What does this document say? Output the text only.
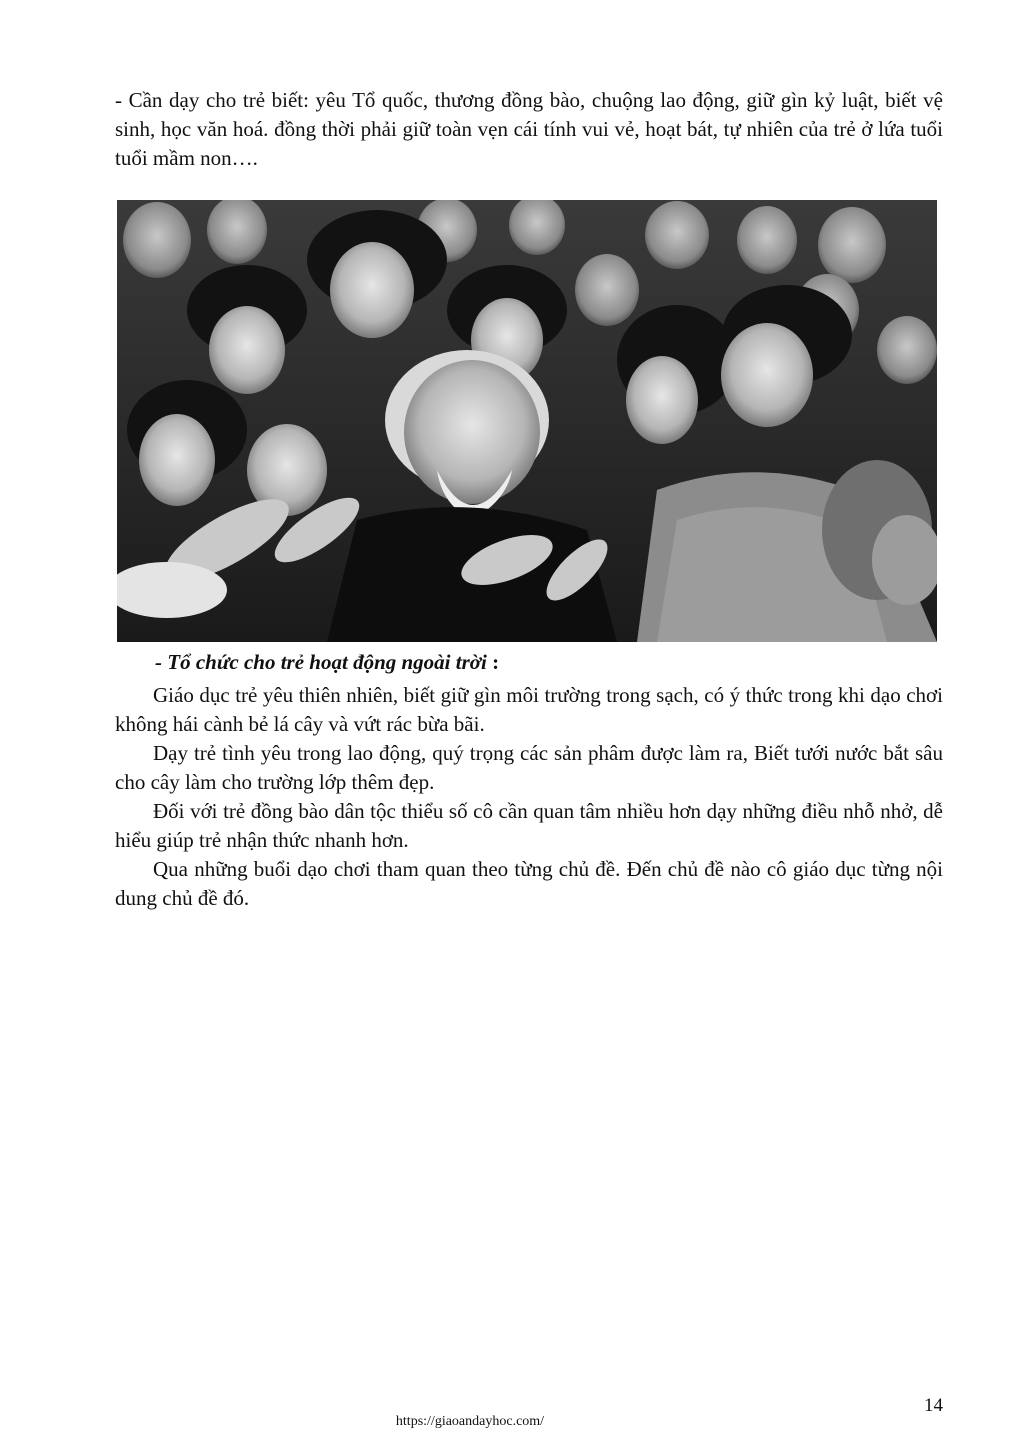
- Cần dạy cho trẻ biết: yêu Tổ quốc, thương đồng bào, chuộng lao động, giữ gìn kỷ luật, biết vệ sinh, học văn hoá. đồng thời phải giữ toàn vẹn cái tính vui vẻ, hoạt bát, tự nhiên của trẻ ở lứa tuổi tuổi mầm non….

- Tổ chức cho trẻ hoạt động ngoài trời :

Giáo dục trẻ yêu thiên nhiên, biết giữ gìn môi trường trong sạch, có ý thức trong khi dạo chơi không hái cành bẻ lá cây và vứt rác bừa bãi.

Dạy trẻ tình yêu trong lao động, quý trọng các sản phâm được làm ra, Biết tưới nước bắt sâu cho cây làm cho trường lớp thêm đẹp.

Đối với trẻ đồng bào dân tộc thiểu số cô cần quan tâm nhiều hơn dạy những điều nhỗ nhở, dễ hiểu giúp trẻ nhận thức nhanh hơn.

Qua những buổi dạo chơi tham quan theo từng chủ đề. Đến chủ đề nào cô giáo dục từng nội dung chủ đề đó.

14

https://giaoandayhoc.com/
